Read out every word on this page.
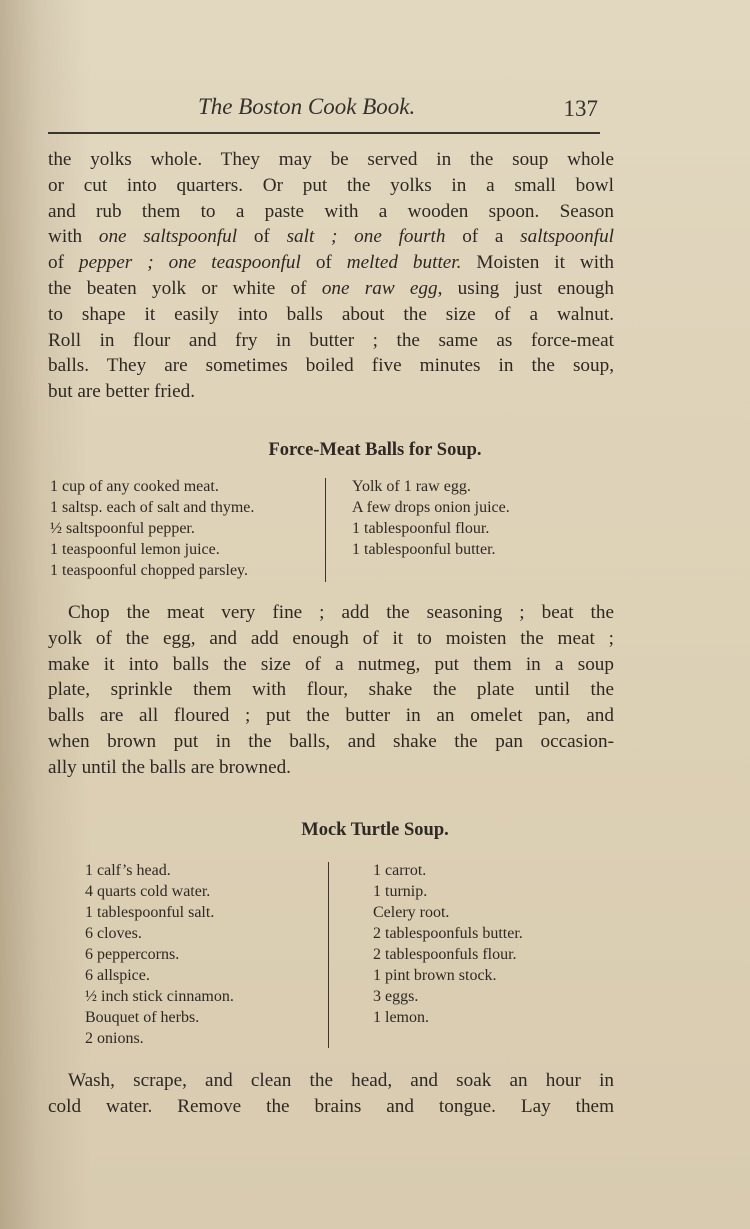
The Boston Cook Book.	137
the yolks whole. They may be served in the soup whole
or cut into quarters. Or put the yolks in a small bowl
and rub them to a paste with a wooden spoon. Season
with one saltspoonful of salt ; one fourth of a saltspoonful
of pepper ; one teaspoonful of melted butter. Moisten it with
the beaten yolk or white of one raw egg, using just enough
to shape it easily into balls about the size of a walnut.
Roll in flour and fry in butter ; the same as force-meat
balls. They are sometimes boiled five minutes in the soup,
but are better fried.
Force-Meat Balls for Soup.
1 cup of any cooked meat.
1 saltsp. each of salt and thyme.
½ saltspoonful pepper.
1 teaspoonful lemon juice.
1 teaspoonful chopped parsley.
Yolk of 1 raw egg.
A few drops onion juice.
1 tablespoonful flour.
1 tablespoonful butter.
Chop the meat very fine ; add the seasoning ; beat the
yolk of the egg, and add enough of it to moisten the meat ;
make it into balls the size of a nutmeg, put them in a soup
plate, sprinkle them with flour, shake the plate until the
balls are all floured ; put the butter in an omelet pan, and
when brown put in the balls, and shake the pan occasion-
ally until the balls are browned.
Mock Turtle Soup.
1 calf’s head.
4 quarts cold water.
1 tablespoonful salt.
6 cloves.
6 peppercorns.
6 allspice.
½ inch stick cinnamon.
Bouquet of herbs.
2 onions.
1 carrot.
1 turnip.
Celery root.
2 tablespoonfuls butter.
2 tablespoonfuls flour.
1 pint brown stock.
3 eggs.
1 lemon.
Wash, scrape, and clean the head, and soak an hour in
cold water. Remove the brains and tongue. Lay them
